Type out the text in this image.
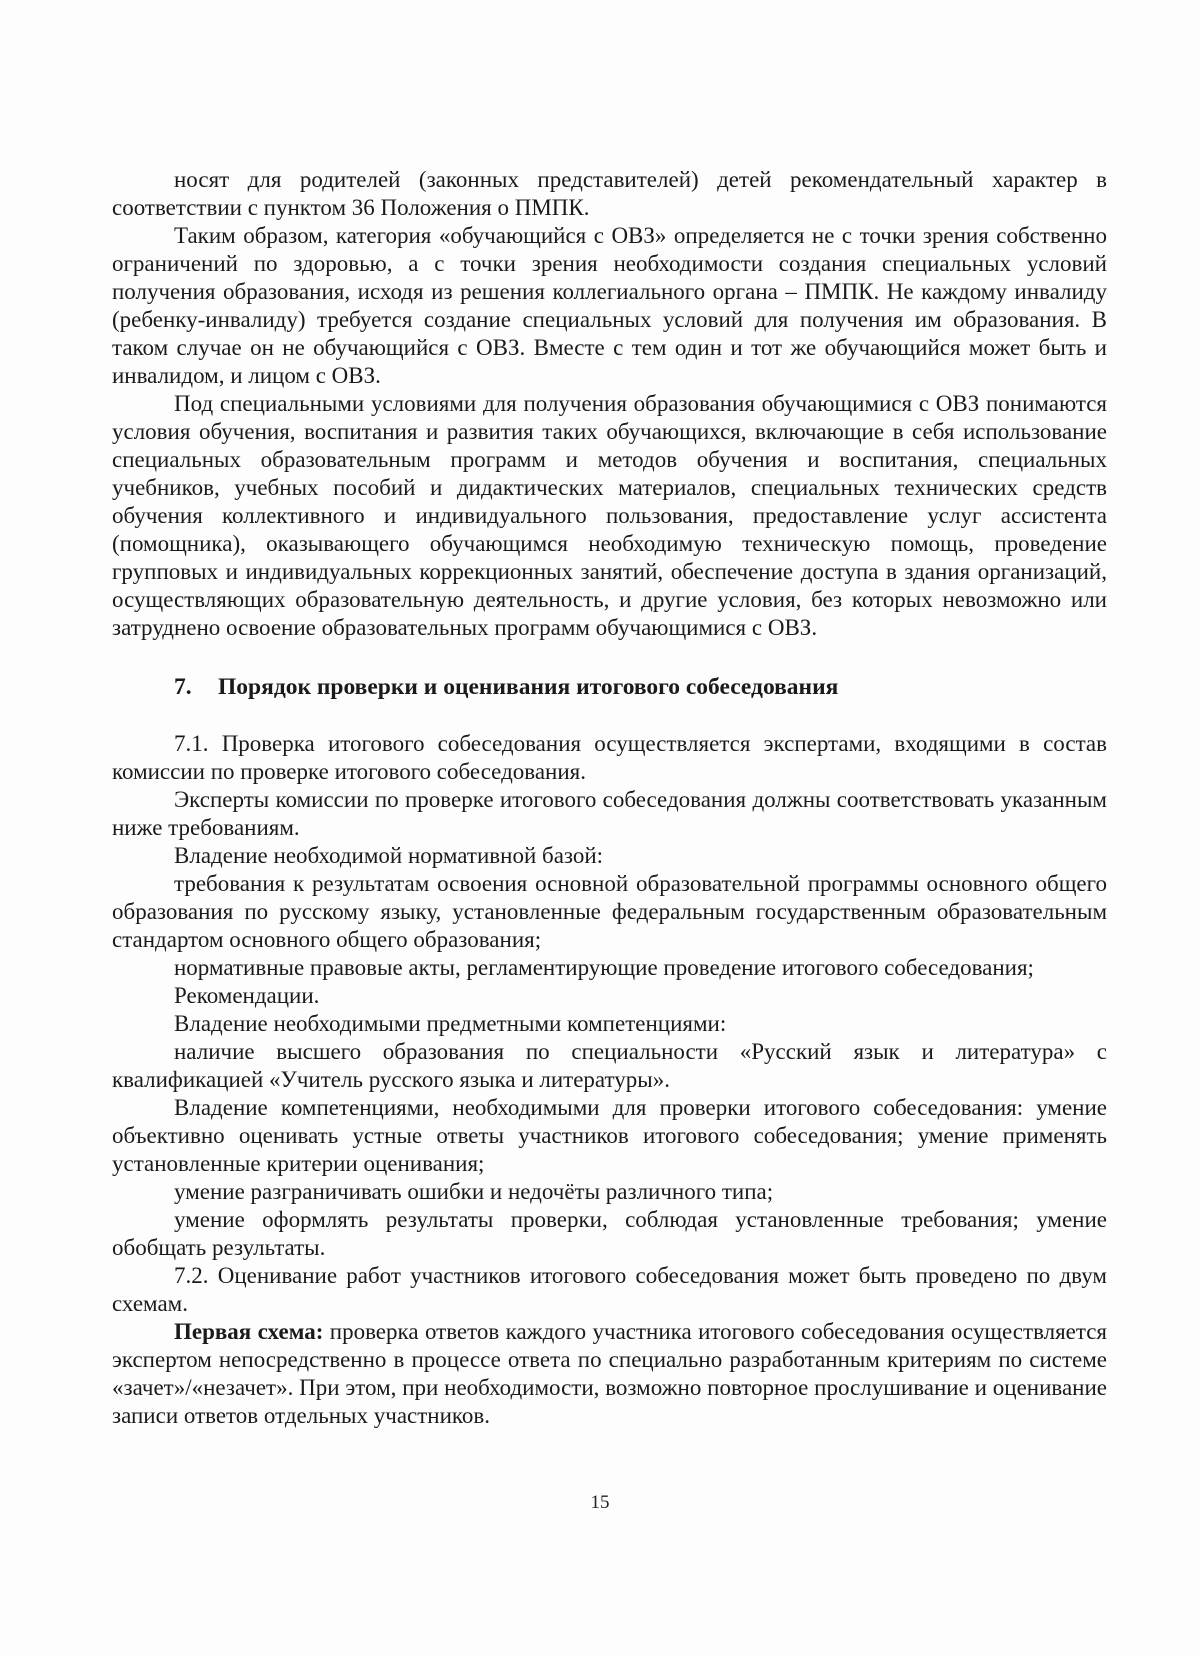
носят для родителей (законных представителей) детей рекомендательный характер в соответствии с пунктом 36 Положения о ПМПК.

Таким образом, категория «обучающийся с ОВЗ» определяется не с точки зрения собственно ограничений по здоровью, а с точки зрения необходимости создания специальных условий получения образования, исходя из решения коллегиального органа – ПМПК. Не каждому инвалиду (ребенку-инвалиду) требуется создание специальных условий для получения им образования. В таком случае он не обучающийся с ОВЗ. Вместе с тем один и тот же обучающийся может быть и инвалидом, и лицом с ОВЗ.

Под специальными условиями для получения образования обучающимися с ОВЗ понимаются условия обучения, воспитания и развития таких обучающихся, включающие в себя использование специальных образовательным программ и методов обучения и воспитания, специальных учебников, учебных пособий и дидактических материалов, специальных технических средств обучения коллективного и индивидуального пользования, предоставление услуг ассистента (помощника), оказывающего обучающимся необходимую техническую помощь, проведение групповых и индивидуальных коррекционных занятий, обеспечение доступа в здания организаций, осуществляющих образовательную деятельность, и другие условия, без которых невозможно или затруднено освоение образовательных программ обучающимися с ОВЗ.

7. Порядок проверки и оценивания итогового собеседования

7.1. Проверка итогового собеседования осуществляется экспертами, входящими в состав комиссии по проверке итогового собеседования.

Эксперты комиссии по проверке итогового собеседования должны соответствовать указанным ниже требованиям.

Владение необходимой нормативной базой:

требования к результатам освоения основной образовательной программы основного общего образования по русскому языку, установленные федеральным государственным образовательным стандартом основного общего образования;

нормативные правовые акты, регламентирующие проведение итогового собеседования;

Рекомендации.

Владение необходимыми предметными компетенциями:

наличие высшего образования по специальности «Русский язык и литература» с квалификацией «Учитель русского языка и литературы».

Владение компетенциями, необходимыми для проверки итогового собеседования: умение объективно оценивать устные ответы участников итогового собеседования; умение применять установленные критерии оценивания;

умение разграничивать ошибки и недочёты различного типа;

умение оформлять результаты проверки, соблюдая установленные требования; умение обобщать результаты.

7.2. Оценивание работ участников итогового собеседования может быть проведено по двум схемам.

Первая схема: проверка ответов каждого участника итогового собеседования осуществляется экспертом непосредственно в процессе ответа по специально разработанным критериям по системе «зачет»/«незачет». При этом, при необходимости, возможно повторное прослушивание и оценивание записи ответов отдельных участников.

15
